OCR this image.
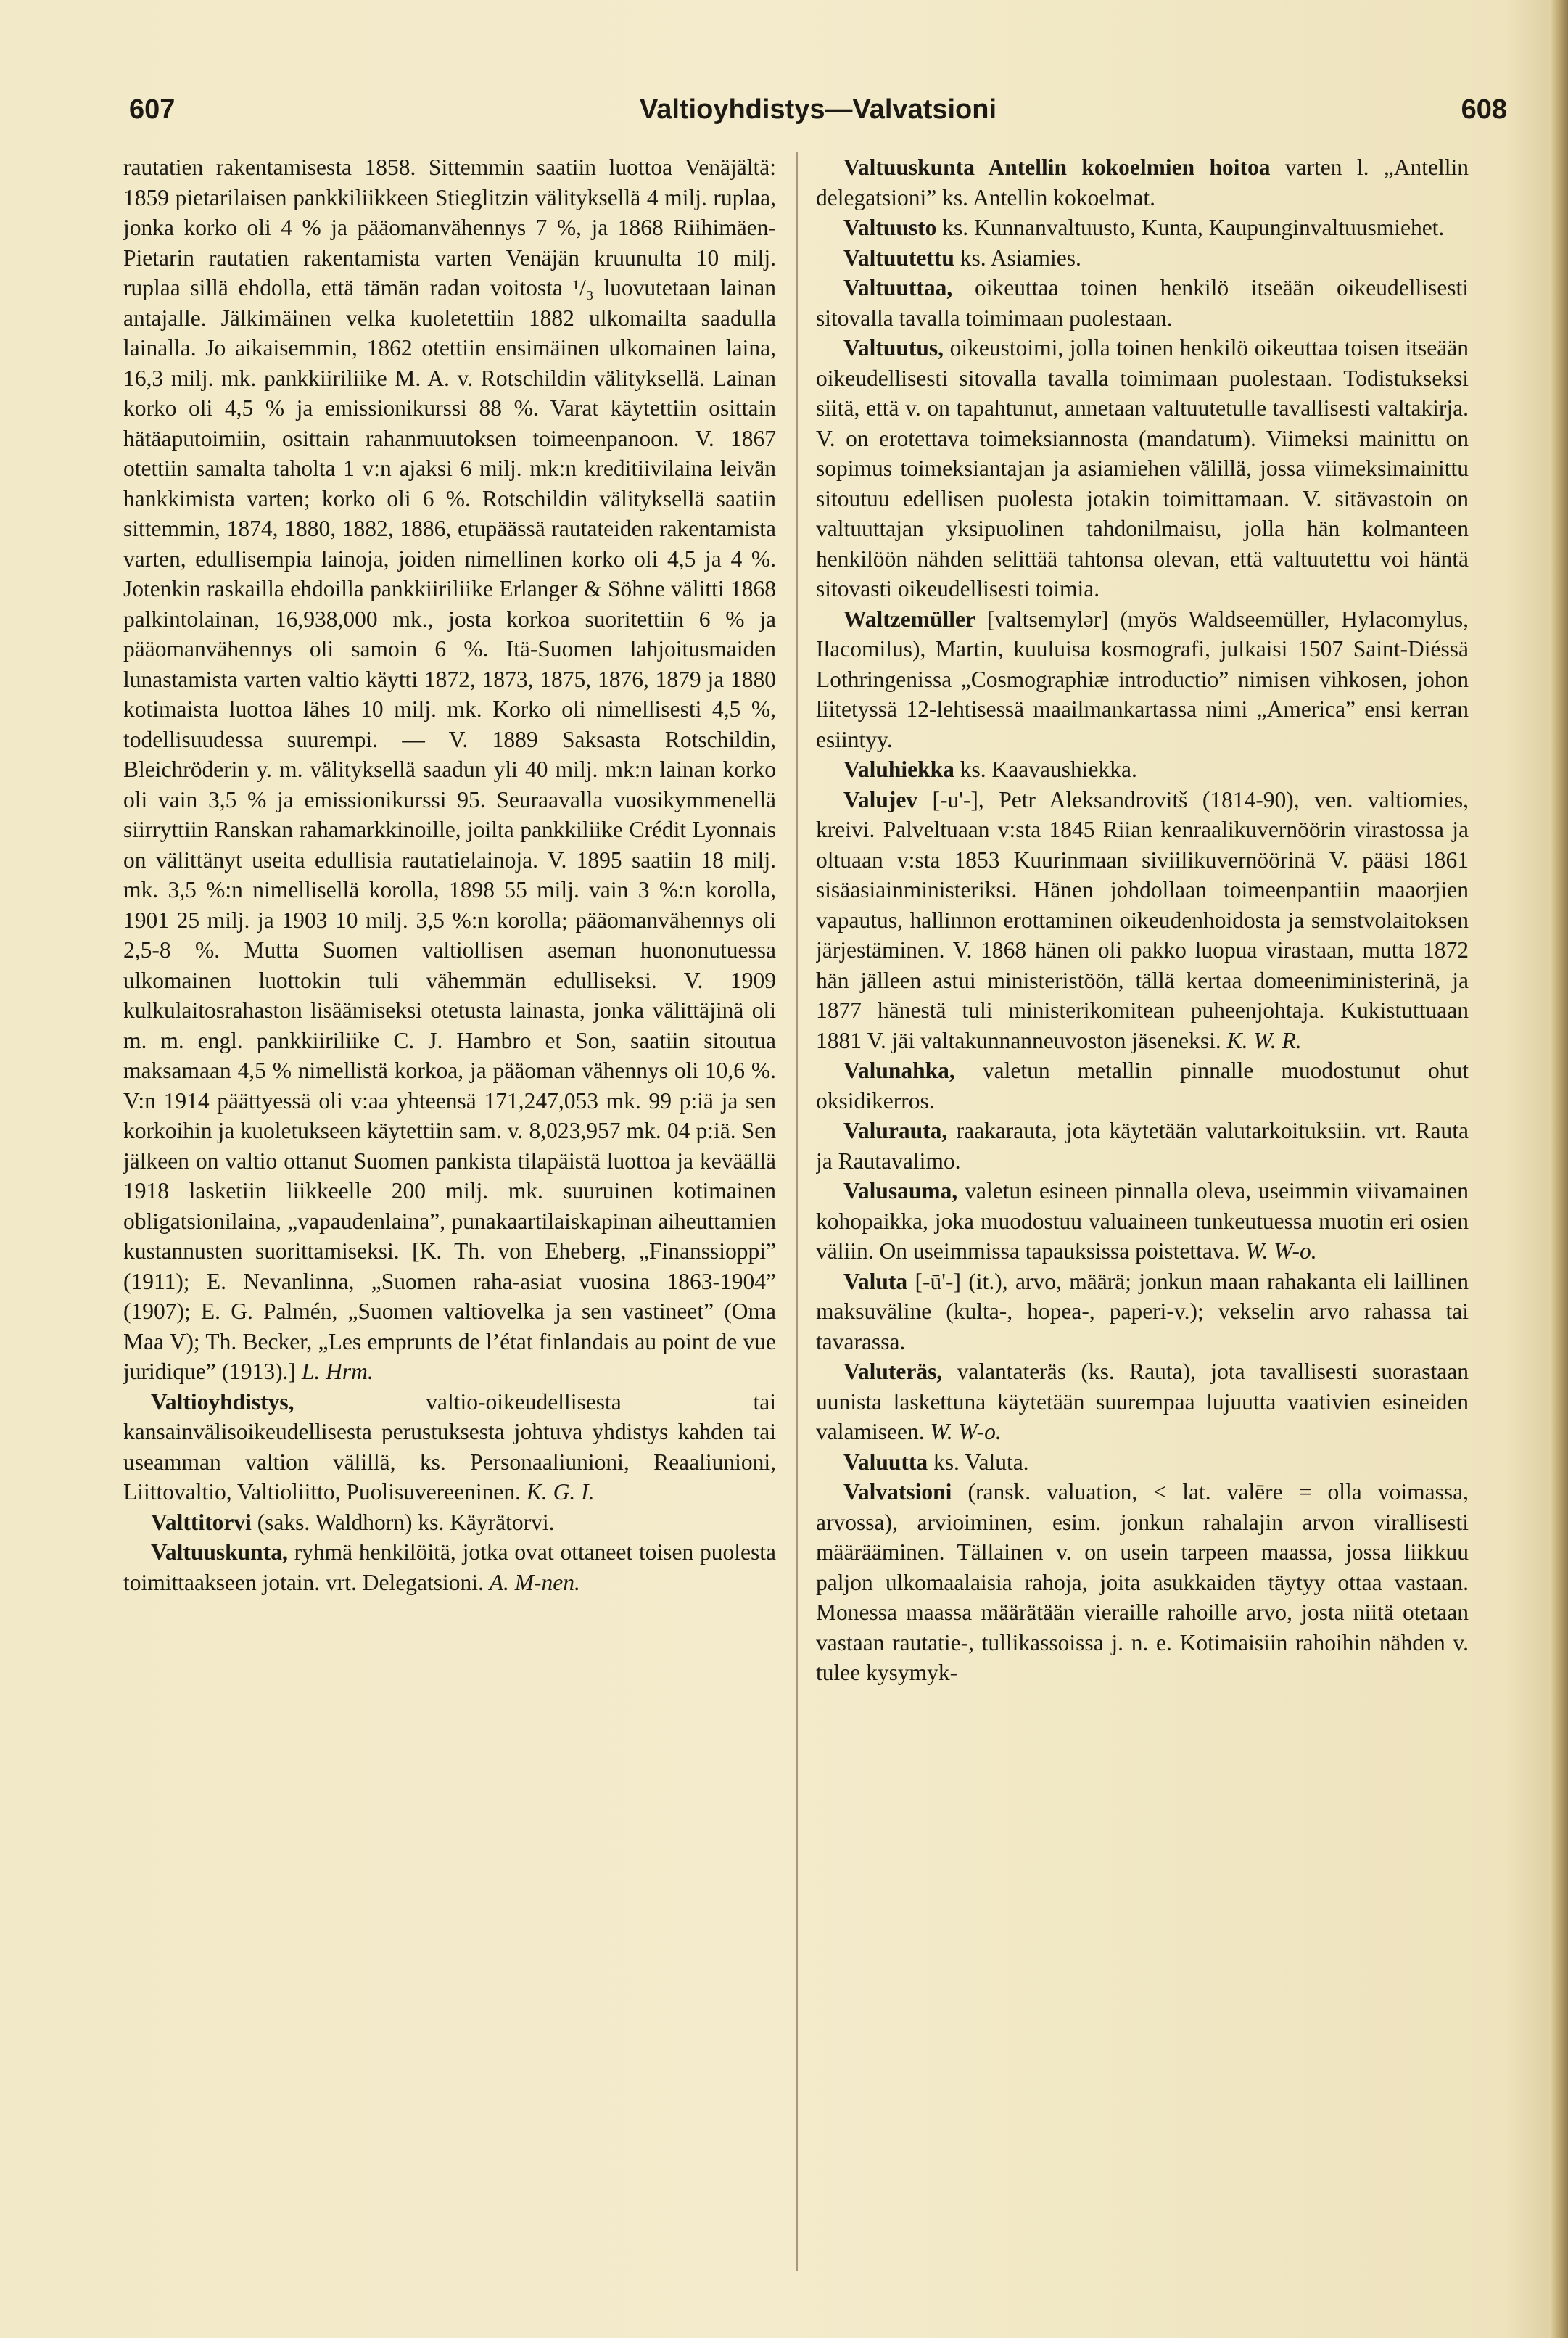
Valtioyhdistys—Valvatsioni
607	608

rautatien rakentamisesta 1858. Sittemmin saatiin luottoa Venäjältä: 1859 pietarilaisen pankkiliikkeen Stieglitzin välityksellä 4 milj. ruplaa, jonka korko oli 4 % ja pääomanvähennys 7 %, ja 1868 Riihimäen-Pietarin rautatien rakentamista varten Venäjän kruunulta 10 milj. ruplaa sillä ehdolla, että tämän radan voitosta ¹/₃ luovutetaan lainan antajalle. Jälkimäinen velka kuoletettiin 1882 ulkomailta saadulla lainalla. Jo aikaisemmin, 1862 otettiin ensimäinen ulkomainen laina, 16,3 milj. mk. pankkiiriliike M. A. v. Rotschildin välityksellä. Lainan korko oli 4,5 % ja emissionikurssi 88 %. Varat käytettiin osittain hätäaputoimiin, osittain rahanmuutoksen toimeenpanoon. V. 1867 otettiin samalta taholta 1 v:n ajaksi 6 milj. mk:n kreditiivilaina leivän hankkimista varten; korko oli 6 %. Rotschildin välityksellä saatiin sittemmin, 1874, 1880, 1882, 1886, etupäässä rautateiden rakentamista varten, edullisempia lainoja, joiden nimellinen korko oli 4,5 ja 4 %. Jotenkin raskailla ehdoilla pankkiiriliike Erlanger & Söhne välitti 1868 palkintolainan, 16,938,000 mk., josta korkoa suoritettiin 6 % ja pääomanvähennys oli samoin 6 %. Itä-Suomen lahjoitusmaiden lunastamista varten valtio käytti 1872, 1873, 1875, 1876, 1879 ja 1880 kotimaista luottoa lähes 10 milj. mk. Korko oli nimellisesti 4,5 %, todellisuudessa suurempi. — V. 1889 Saksasta Rotschildin, Bleichröderin y. m. välityksellä saadun yli 40 milj. mk:n lainan korko oli vain 3,5 % ja emissionikurssi 95. Seuraavalla vuosikymmenellä siirryttiin Ranskan rahamarkkinoille, joilta pankkiliike Crédit Lyonnais on välittänyt useita edullisia rautatielainoja. V. 1895 saatiin 18 milj. mk. 3,5 %:n nimellisellä korolla, 1898 55 milj. vain 3 %:n korolla, 1901 25 milj. ja 1903 10 milj. 3,5 %:n korolla; pääomanvähennys oli 2,5-8 %. Mutta Suomen valtiollisen aseman huononutuessa ulkomainen luottokin tuli vähemmän edulliseksi. V. 1909 kulkulaitosrahaston lisäämiseksi otetusta lainasta, jonka välittäjinä oli m. m. engl. pankkiiriliike C. J. Hambro et Son, saatiin sitoutua maksamaan 4,5 % nimellistä korkoa, ja pääoman vähennys oli 10,6 %. V:n 1914 päättyessä oli v:aa yhteensä 171,247,053 mk. 99 p:iä ja sen korkoihin ja kuoletukseen käytettiin sam. v. 8,023,957 mk. 04 p:iä. Sen jälkeen on valtio ottanut Suomen pankista tilapäistä luottoa ja keväällä 1918 lasketiin liikkeelle 200 milj. mk. suuruinen kotimainen obligatsionilaina, „vapaudenlaina”, punakaartilaiskapinan aiheuttamien kustannusten suorittamiseksi. [K. Th. von Eheberg, „Finanssioppi” (1911); E. Nevanlinna, „Suomen raha-asiat vuosina 1863-1904” (1907); E. G. Palmén, „Suomen valtiovelka ja sen vastineet” (Oma Maa V); Th. Becker, „Les emprunts de l’état finlandais au point de vue juridique” (1913).] L. Hrm.

Valtioyhdistys, valtio-oikeudellisesta tai kansainvälisoikeudellisesta perustuksesta johtuva yhdistys kahden tai useamman valtion välillä, ks. Personaaliunioni, Reaaliunioni, Liittovaltio, Valtioliitto, Puolisuvereeninen. K. G. I.

Valttitorvi (saks. Waldhorn) ks. Käyrätorvi.

Valtuuskunta, ryhmä henkilöitä, jotka ovat ottaneet toisen puolesta toimittaakseen jotain. vrt. Delegatsioni. A. M-nen.

Valtuuskunta Antellin kokoelmien hoitoa varten l. „Antellin delegatsioni” ks. Antellin kokoelmat.

Valtuusto ks. Kunnanvaltuusto, Kunta, Kaupunginvaltuusmiehet.

Valtuutettu ks. Asiamies.

Valtuuttaa, oikeuttaa toinen henkilö itseään oikeudellisesti sitovalla tavalla toimimaan puolestaan.

Valtuutus, oikeustoimi, jolla toinen henkilö oikeuttaa toisen itseään oikeudellisesti sitovalla tavalla toimimaan puolestaan. Todistukseksi siitä, että v. on tapahtunut, annetaan valtuutetulle tavallisesti valtakirja. V. on erotettava toimeksiannosta (mandatum). Viimeksi mainittu on sopimus toimeksiantajan ja asiamiehen välillä, jossa viimeksimainittu sitoutuu edellisen puolesta jotakin toimittamaan. V. sitävastoin on valtuuttajan yksipuolinen tahdonilmaisu, jolla hän kolmanteen henkilöön nähden selittää tahtonsa olevan, että valtuutettu voi häntä sitovasti oikeudellisesti toimia.

Waltzemüller [valtsemylər] (myös Waldseemüller, Hylacomylus, Ilacomilus), Martin, kuuluisa kosmografi, julkaisi 1507 Saint-Diéssä Lothringenissa „Cosmographiæ introductio” nimisen vihkosen, johon liitetyssä 12-lehtisessä maailmankartassa nimi „America” ensi kerran esiintyy.

Valuhiekka ks. Kaavaushiekka.

Valujev [-u'-], Petr Aleksandrovitš (1814-90), ven. valtiomies, kreivi. Palveltuaan v:sta 1845 Riian kenraalikuvernöörin virastossa ja oltuaan v:sta 1853 Kuurinmaan siviilikuvernöörinä V. pääsi 1861 sisäasiainministeriksi. Hänen johdollaan toimeenpantiin maaorjien vapautus, hallinnon erottaminen oikeudenhoidosta ja semstvolaitoksen järjestäminen. V. 1868 hänen oli pakko luopua virastaan, mutta 1872 hän jälleen astui ministeristöön, tällä kertaa domeeniministerinä, ja 1877 hänestä tuli ministerikomitean puheenjohtaja. Kukistuttuaan 1881 V. jäi valtakunnanneuvoston jäseneksi. K. W. R.

Valunahka, valetun metallin pinnalle muodostunut ohut oksidikerros.

Valurauta, raakarauta, jota käytetään valutarkoituksiin. vrt. Rauta ja Rautavalimo.

Valusauma, valetun esineen pinnalla oleva, useimmin viivamainen kohopaikka, joka muodostuu valuaineen tunkeutuessa muotin eri osien väliin. On useimmissa tapauksissa poistettava. W. W-o.

Valuta [-ū'-] (it.), arvo, määrä; jonkun maan rahakanta eli laillinen maksuväline (kulta-, hopea-, paperi-v.); vekselin arvo rahassa tai tavarassa.

Valuteräs, valantateräs (ks. Rauta), jota tavallisesti suorastaan uunista laskettuna käytetään suurempaa lujuutta vaativien esineiden valamiseen. W. W-o.

Valuutta ks. Valuta.

Valvatsioni (ransk. valuation, < lat. valēre = olla voimassa, arvossa), arvioiminen, esim. jonkun rahalajin arvon virallisesti määrääminen. Tällainen v. on usein tarpeen maassa, jossa liikkuu paljon ulkomaalaisia rahoja, joita asukkaiden täytyy ottaa vastaan. Monessa maassa määrätään vieraille rahoille arvo, josta niitä otetaan vastaan rautatie-, tullikassoissa j. n. e. Kotimaisiin rahoihin nähden v. tulee kysymyk-
